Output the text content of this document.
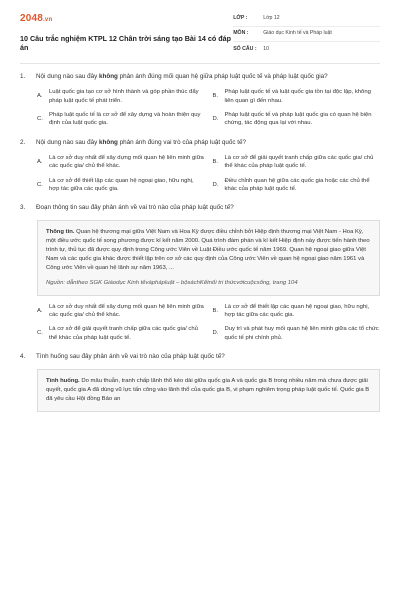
2048.vn
10 Câu trắc nghiệm KTPL 12 Chân trời sáng tạo Bài 14 có đáp án
LỚP :	Lớp 12
MÔN :	Giáo dục Kinh tế và Pháp luật
SỐ CÂU :	10
1.	Nội dung nào sau đây không phản ánh đúng mối quan hệ giữa pháp luật quốc tế và pháp luật quốc gia?
A.
Luật quốc gia tạo cơ sở hình thành và góp phần thúc đẩy pháp luật quốc tế phát triển.
B.
Pháp luật quốc tế và luật quốc gia tồn tại độc lập, không liên quan gì đến nhau.
C.
Pháp luật quốc tế là cơ sở để xây dựng và hoàn thiện quy định của luật quốc gia.
D.
Pháp luật quốc tế và pháp luật quốc gia có quan hệ biện chứng, tác động qua lại với nhau.
2.	Nội dung nào sau đây không phản ánh đúng vai trò của pháp luật quốc tế?
A.
Là cơ sở duy nhất để xây dựng mối quan hệ liên minh giữa các quốc gia/ chủ thể khác.
B.
Là cơ sở để giải quyết tranh chấp giữa các quốc gia/ chủ thể khác của pháp luật quốc tế.
C.
Là cơ sở để thiết lập các quan hệ ngoại giao, hữu nghị, hợp tác giữa các quốc gia.
D.
Điều chỉnh quan hệ giữa các quốc gia hoặc các chủ thể khác của pháp luật quốc tế.
3.	Đoạn thông tin sau đây phản ánh về vai trò nào của pháp luật quốc tế?
Thông tin. Quan hệ thương mại giữa Việt Nam và Hoa Kỳ được điều chỉnh bởi Hiệp định thương mại Việt Nam - Hoa Kỳ, một điều ước quốc tế song phương được kí kết năm 2000. Quá trình đàm phán và kí kết Hiệp định này được tiến hành theo trình tự, thủ tục đã được quy định trong Công ước Viên về Luật Điều ước quốc tế năm 1969. Quan hệ ngoại giao giữa Việt Nam và các quốc gia khác được thiết lập trên cơ sở các quy định của Công ước Viên về quan hệ ngoại giao năm 1961 và Công ước Viên về quan hệ lãnh sự năm 1963, ...
Nguồn: dẫntheo SGK Giáodục Kinh tếvàphápluật – bộsáchKếtnối tri thứcvớicuộcsống, trang 104
A.
Là cơ sở duy nhất để xây dựng mối quan hệ liên minh giữa các quốc gia/ chủ thể khác.
B.
Là cơ sở để thiết lập các quan hệ ngoại giao, hữu nghị, hợp tác giữa các quốc gia.
C.
Là cơ sở để giải quyết tranh chấp giữa các quốc gia/ chủ thể khác của pháp luật quốc tế.
D.
Duy trì và phát huy mối quan hệ liên minh giữa các tổ chức quốc tế phi chính phủ.
4.	Tình huống sau đây phản ánh về vai trò nào của pháp luật quốc tế?
Tình huống. Do mâu thuẫn, tranh chấp lãnh thổ kéo dài giữa quốc gia A và quốc gia B trong nhiều năm mà chưa được giải quyết, quốc gia A đã dùng vũ lực tấn công vào lãnh thổ của quốc gia B, vi phạm nghiêm trọng pháp luật quốc tế. Quốc gia B đã yêu cầu Hội đồng Bảo an
